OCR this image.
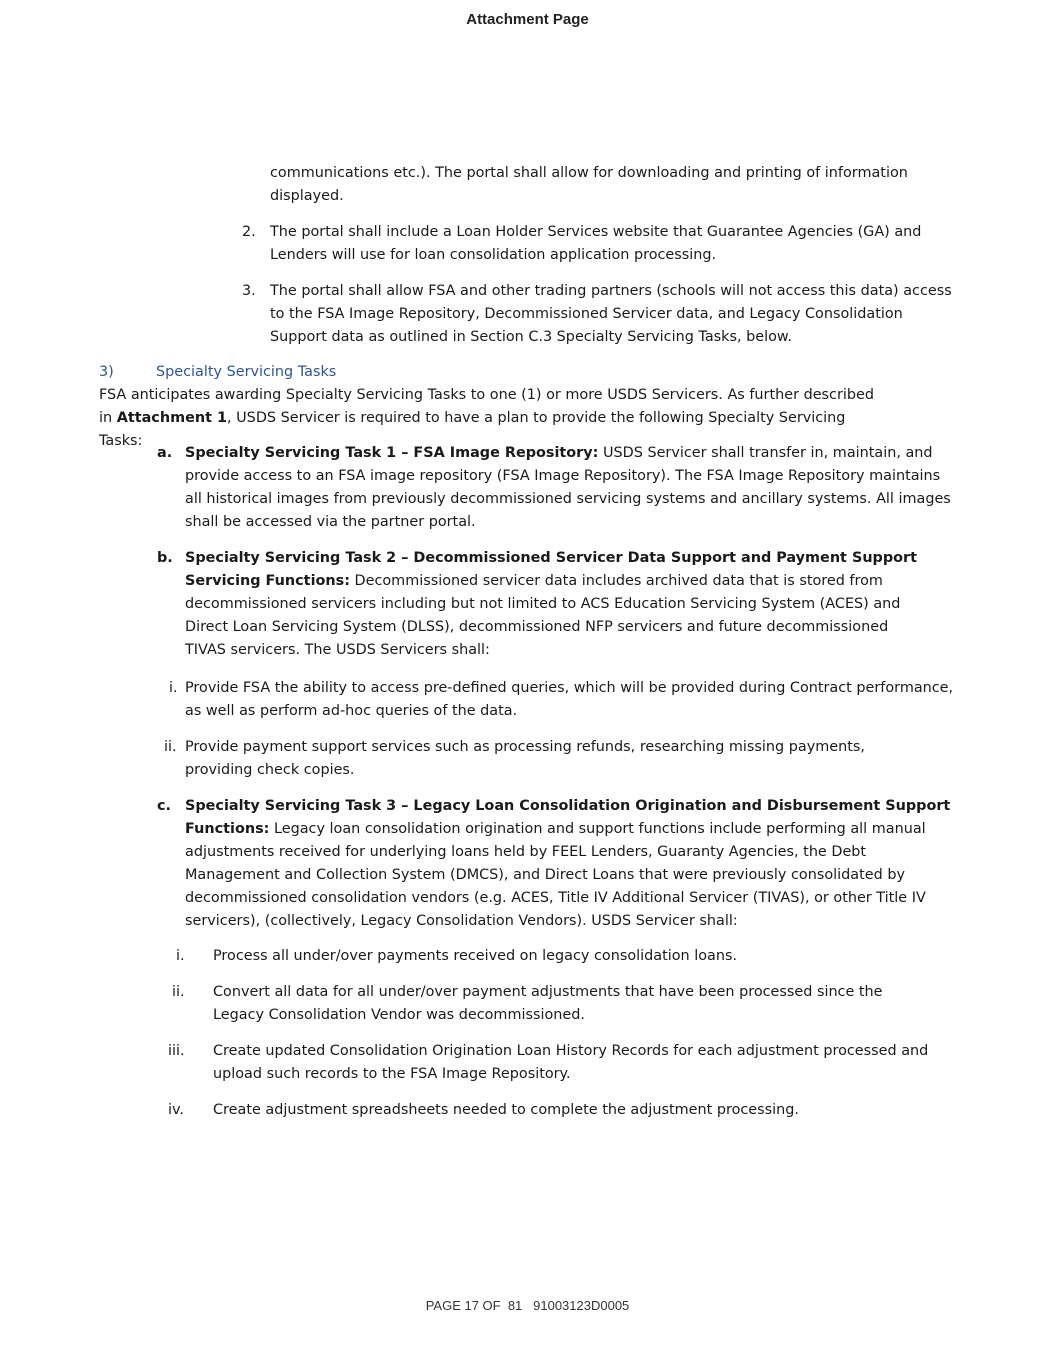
Attachment Page
communications etc.). The portal shall allow for downloading and printing of information displayed.
2. The portal shall include a Loan Holder Services website that Guarantee Agencies (GA) and Lenders will use for loan consolidation application processing.
3. The portal shall allow FSA and other trading partners (schools will not access this data) access to the FSA Image Repository, Decommissioned Servicer data, and Legacy Consolidation Support data as outlined in Section C.3 Specialty Servicing Tasks, below.
3)	Specialty Servicing Tasks
FSA anticipates awarding Specialty Servicing Tasks to one (1) or more USDS Servicers. As further described in Attachment 1, USDS Servicer is required to have a plan to provide the following Specialty Servicing Tasks:
a. Specialty Servicing Task 1 – FSA Image Repository: USDS Servicer shall transfer in, maintain, and provide access to an FSA image repository (FSA Image Repository). The FSA Image Repository maintains all historical images from previously decommissioned servicing systems and ancillary systems. All images shall be accessed via the partner portal.
b. Specialty Servicing Task 2 – Decommissioned Servicer Data Support and Payment Support Servicing Functions: Decommissioned servicer data includes archived data that is stored from decommissioned servicers including but not limited to ACS Education Servicing System (ACES) and Direct Loan Servicing System (DLSS), decommissioned NFP servicers and future decommissioned TIVAS servicers. The USDS Servicers shall:
i. Provide FSA the ability to access pre-defined queries, which will be provided during Contract performance, as well as perform ad-hoc queries of the data.
ii. Provide payment support services such as processing refunds, researching missing payments, providing check copies.
c. Specialty Servicing Task 3 – Legacy Loan Consolidation Origination and Disbursement Support Functions: Legacy loan consolidation origination and support functions include performing all manual adjustments received for underlying loans held by FEEL Lenders, Guaranty Agencies, the Debt Management and Collection System (DMCS), and Direct Loans that were previously consolidated by decommissioned consolidation vendors (e.g. ACES, Title IV Additional Servicer (TIVAS), or other Title IV servicers), (collectively, Legacy Consolidation Vendors). USDS Servicer shall:
i. Process all under/over payments received on legacy consolidation loans.
ii. Convert all data for all under/over payment adjustments that have been processed since the Legacy Consolidation Vendor was decommissioned.
iii. Create updated Consolidation Origination Loan History Records for each adjustment processed and upload such records to the FSA Image Repository.
iv. Create adjustment spreadsheets needed to complete the adjustment processing.
PAGE 17 OF  81 91003123D0005
